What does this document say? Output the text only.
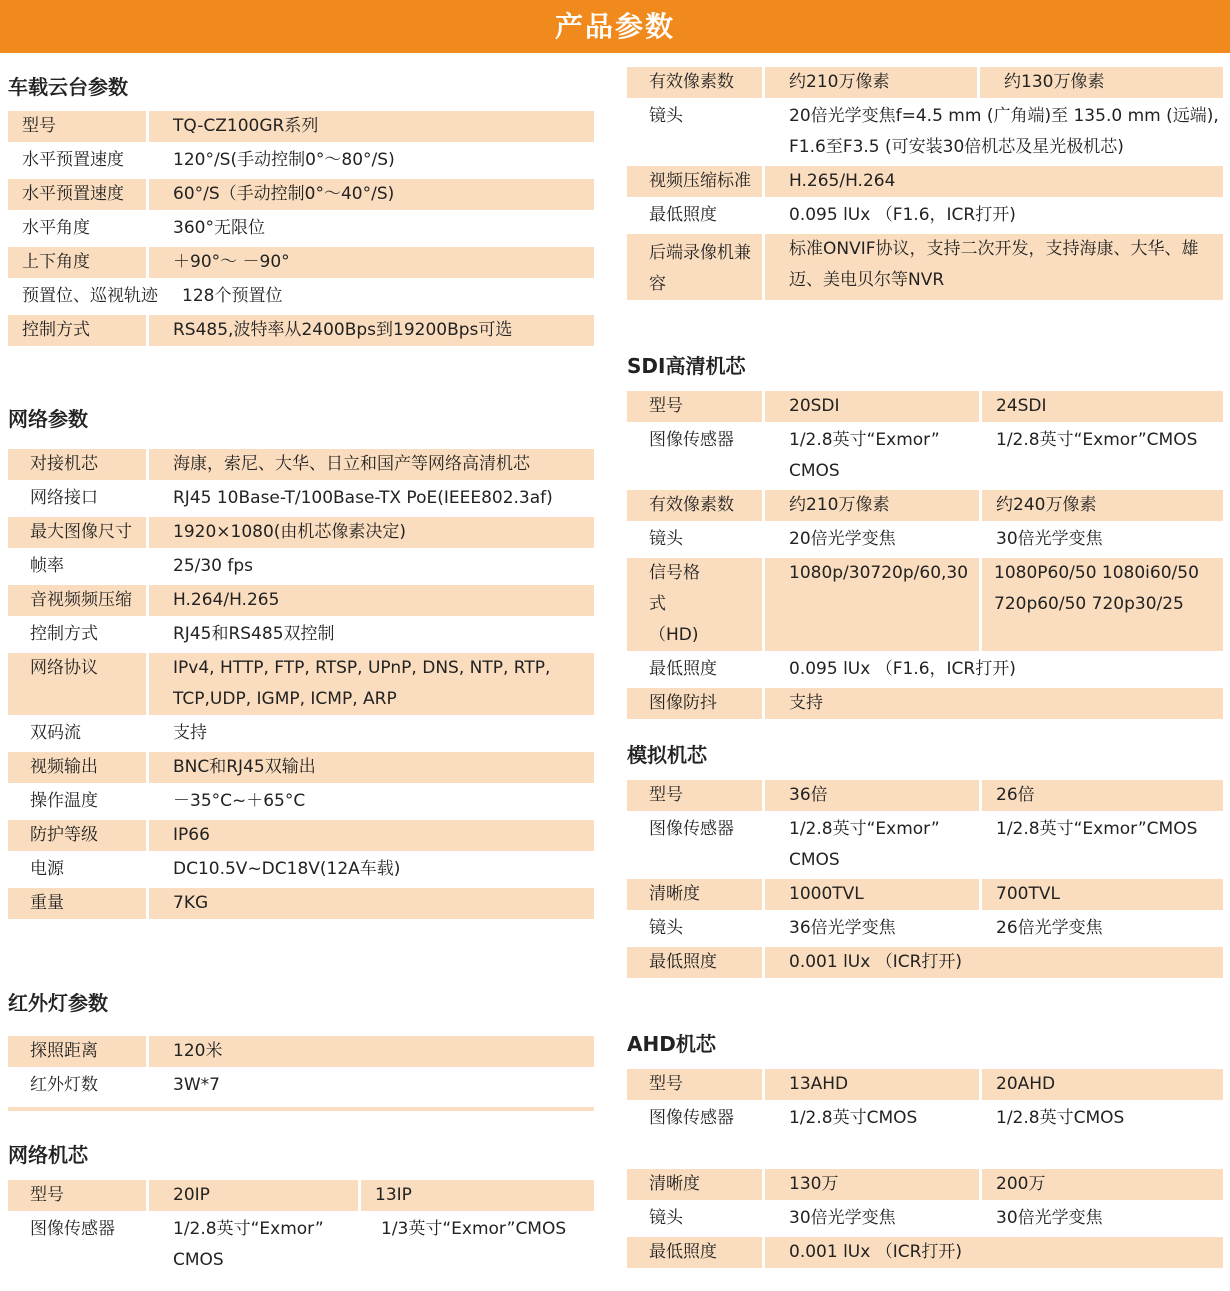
产品参数
车载云台参数
型号	TQ-CZ100GR系列
水平预置速度	120°/S(手动控制0°～80°/S)
水平预置速度	60°/S（手动控制0°～40°/S)
水平角度	360°无限位
上下角度	＋90°～ －90°
预置位、巡视轨迹 128个预置位	
控制方式	RS485,波特率从2400Bps到19200Bps可选
网络参数
对接机芯	海康，索尼、大华、日立和国产等网络高清机芯
网络接口	RJ45 10Base-T/100Base-TX PoE(IEEE802.3af)
最大图像尺寸	1920×1080(由机芯像素决定)
帧率	25/30 fps
音视频频压缩	H.264/H.265
控制方式	RJ45和RS485双控制
网络协议	IPv4, HTTP, FTP, RTSP, UPnP, DNS, NTP, RTP, TCP,UDP, IGMP, ICMP, ARP
双码流	支持
视频输出	BNC和RJ45双输出
操作温度	－35°C~＋65°C
防护等级	IP66
电源	DC10.5V~DC18V(12A车载)
重量	7KG
红外灯参数
探照距离	120米
红外灯数	3W*7
网络机芯
型号	20IP	13IP
图像传感器	1/2.8英寸“Exmor” CMOS	1/3英寸“Exmor”CMOS
有效像素数	约210万像素	约130万像素
镜头	20倍光学变焦f=4.5 mm (广角端)至 135.0 mm (远端), F1.6至F3.5 (可安装30倍机芯及星光极机芯)	
视频压缩标准	H.265/H.264	
最低照度	0.095 lUx （F1.6，ICR打开)	
后端录像机兼容	标准ONVIF协议，支持二次开发，支持海康、大华、雄迈、美电贝尔等NVR	
SDI高清机芯
型号	20SDI	24SDI
图像传感器	1/2.8英寸“Exmor” CMOS	1/2.8英寸“Exmor”CMOS
有效像素数	约210万像素	约240万像素
镜头	20倍光学变焦	30倍光学变焦
信号格式（HD)	1080p/30720p/60,30	1080P60/50 1080i60/50 720p60/50 720p30/25
最低照度	0.095 lUx （F1.6，ICR打开)	
图像防抖	支持	
模拟机芯
型号	36倍	26倍
图像传感器	1/2.8英寸“Exmor” CMOS	1/2.8英寸“Exmor”CMOS
清晰度	1000TVL	700TVL
镜头	36倍光学变焦	26倍光学变焦
最低照度	0.001 lUx （ICR打开)	
AHD机芯
型号	13AHD	20AHD
图像传感器	1/2.8英寸CMOS	1/2.8英寸CMOS
清晰度	130万	200万
镜头	30倍光学变焦	30倍光学变焦
最低照度	0.001 lUx （ICR打开)	
